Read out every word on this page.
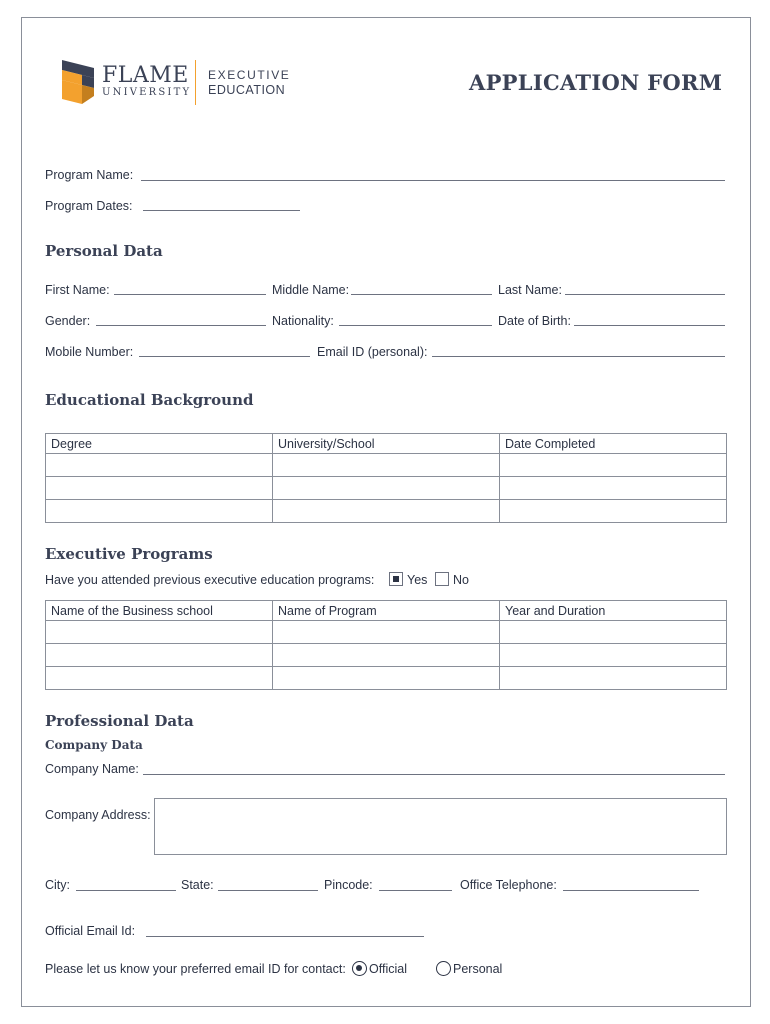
FLAME
UNIVERSITY
EXECUTIVE
EDUCATION	APPLICATION FORM
Program Name:
Program Dates:
Personal Data
First Name:	Middle Name:	Last Name:
Gender:	Nationality:	Date of Birth:
Mobile Number:	Email ID (personal):
Educational Background
Degree	University/School	Date Completed

Executive Programs
Have you attended previous executive education programs:	Yes No
Name of the Business school	Name of Program	Year and Duration

Professional Data
Company Data
Company Name:
Company Address:
City:	State:	Pincode:	Office Telephone:
Official Email Id:
Please let us know your preferred email ID for contact: Official	Personal
